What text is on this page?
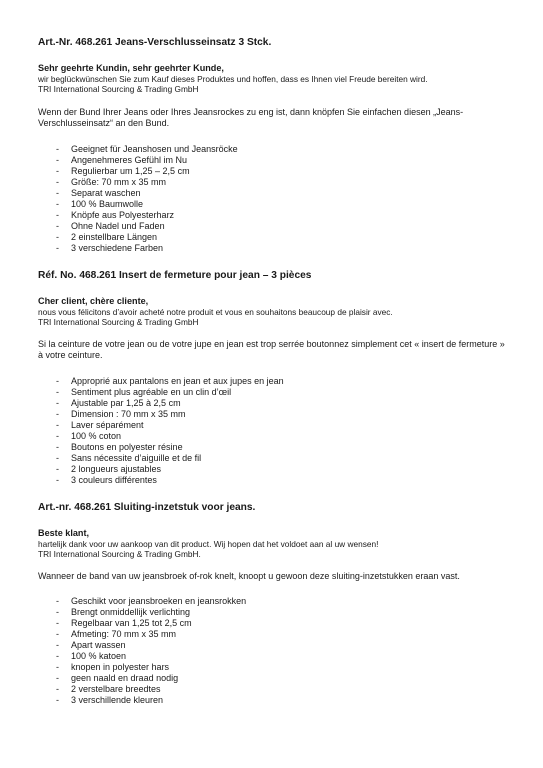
Art.-Nr. 468.261 Jeans-Verschlusseinsatz 3 Stck.
Sehr geehrte Kundin, sehr geehrter Kunde,
wir beglückwünschen Sie zum Kauf dieses Produktes und hoffen, dass es Ihnen viel Freude bereiten wird.
TRI International Sourcing & Trading GmbH
Wenn der Bund Ihrer Jeans oder Ihres Jeansrockes zu eng ist, dann knöpfen Sie einfachen diesen „Jeans-Verschlusseinsatz“ an den Bund.
- Geeignet für Jeanshosen und Jeansröcke
- Angenehmeres Gefühl im Nu
- Regulierbar um 1,25 – 2,5 cm
- Größe: 70 mm x 35 mm
- Separat waschen
- 100 % Baumwolle
- Knöpfe aus Polyesterharz
- Ohne Nadel und Faden
- 2 einstellbare Längen
- 3 verschiedene Farben
Réf. No. 468.261 Insert de fermeture pour jean – 3 pièces
Cher client, chère cliente,
nous vous félicitons d’avoir acheté notre produit et vous en souhaitons beaucoup de plaisir avec.
TRI International Sourcing & Trading GmbH
Si la ceinture de votre jean ou de votre jupe en jean est trop serrée boutonnez simplement cet « insert de fermeture » à votre ceinture.
- Approprié aux pantalons en jean et aux jupes en jean
- Sentiment plus agréable en un clin d’œil
- Ajustable par 1,25 à 2,5 cm
- Dimension : 70 mm x 35 mm
- Laver séparément
- 100 % coton
- Boutons en polyester résine
- Sans nécessite d’aiguille et de fil
- 2 longueurs ajustables
- 3 couleurs différentes
Art.-nr. 468.261 Sluiting-inzetstuk voor jeans.
Beste klant,
hartelijk dank voor uw aankoop van dit product. Wij hopen dat het voldoet aan al uw wensen!
TRI International Sourcing & Trading GmbH.
Wanneer de band van uw jeansbroek of-rok knelt, knoopt u gewoon deze sluiting-inzetstukken eraan vast.
- Geschikt voor jeansbroeken en jeansrokken
- Brengt onmiddellijk verlichting
- Regelbaar van 1,25 tot 2,5 cm
- Afmeting: 70 mm x 35 mm
- Apart wassen
- 100 % katoen
- knopen in polyester hars
- geen naald en draad nodig
- 2 verstelbare breedtes
- 3 verschillende kleuren
